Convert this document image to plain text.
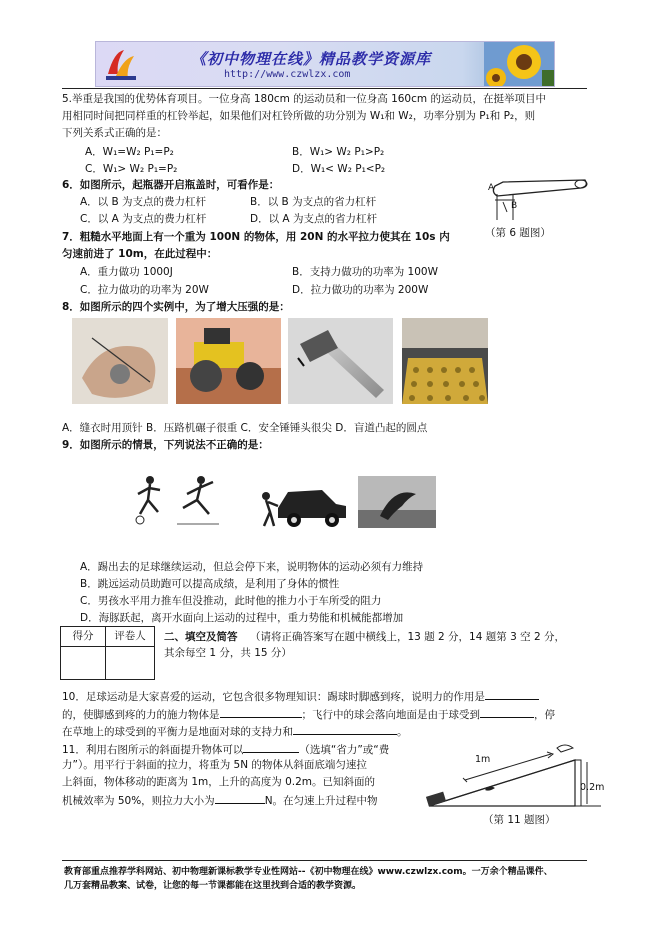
《初中物理在线》精品教学资源库
http://www.czwlzx.com
5.举重是我国的优势体育项目。一位身高 180cm 的运动员和一位身高 160cm 的运动员，在挺举项目中
用相同时间把同样重的杠铃举起，如果他们对杠铃所做的功分别为 W₁和 W₂，功率分别为 P₁和 P₂，则
下列关系式正确的是：
A．W₁=W₂ P₁=P₂	B．W₁> W₂ P₁>P₂
C．W₁> W₂ P₁=P₂	D．W₁< W₂ P₁<P₂
6．如图所示，起瓶器开启瓶盖时，可看作是：
A．以 B 为支点的费力杠杆	B．以 B 为支点的省力杠杆
C．以 A 为支点的费力杠杆	D．以 A 为支点的省力杠杆
A
B
（第 6 题图）
7．粗糙水平地面上有一个重为 100N 的物体，用 20N 的水平拉力使其在 10s 内
匀速前进了 10m，在此过程中：
A．重力做功 1000J	B．支持力做功的功率为 100W
C．拉力做功的功率为 20W	D．拉力做功的功率为 200W
8．如图所示的四个实例中，为了增大压强的是：
A．缝衣时用顶针 B．压路机碾子很重 C．安全锤锤头很尖 D．盲道凸起的圆点
9．如图所示的情景，下列说法不正确的是：
A．踢出去的足球继续运动，但总会停下来，说明物体的运动必须有力维持
B．跳远运动员助跑可以提高成绩，是利用了身体的惯性
C．男孩水平用力推车但没推动，此时他的推力小于车所受的阻力
D．海豚跃起，离开水面向上运动的过程中，重力势能和机械能都增加
得分	评卷人	二、填空及简答 （请将正确答案写在题中横线上，13 题 2 分，14 题第 3 空 2 分，
其余每空 1 分，共 15 分）
10．足球运动是大家喜爱的运动，它包含很多物理知识：踢球时脚感到疼，说明力的作用是
的，使脚感到疼的力的施力物体是	；飞行中的球会落向地面是由于球受到	，停
在草地上的球受到的平衡力是地面对球的支持力和	。
11．利用右图所示的斜面提升物体可以	（选填“省力”或“费
力”）。用平行于斜面的拉力，将重为 5N 的物体从斜面底端匀速拉
上斜面，物体移动的距离为 1m，上升的高度为 0.2m。已知斜面的
机械效率为 50%，则拉力大小为	N。在匀速上升过程中物
1m
0.2m
（第 11 题图）
教育部重点推荐学科网站、初中物理新课标教学专业性网站--《初中物理在线》www.czwlzx.com。一万余个精品课件、
几万套精品教案、试卷，让您的每一节课都能在这里找到合适的教学资源。
